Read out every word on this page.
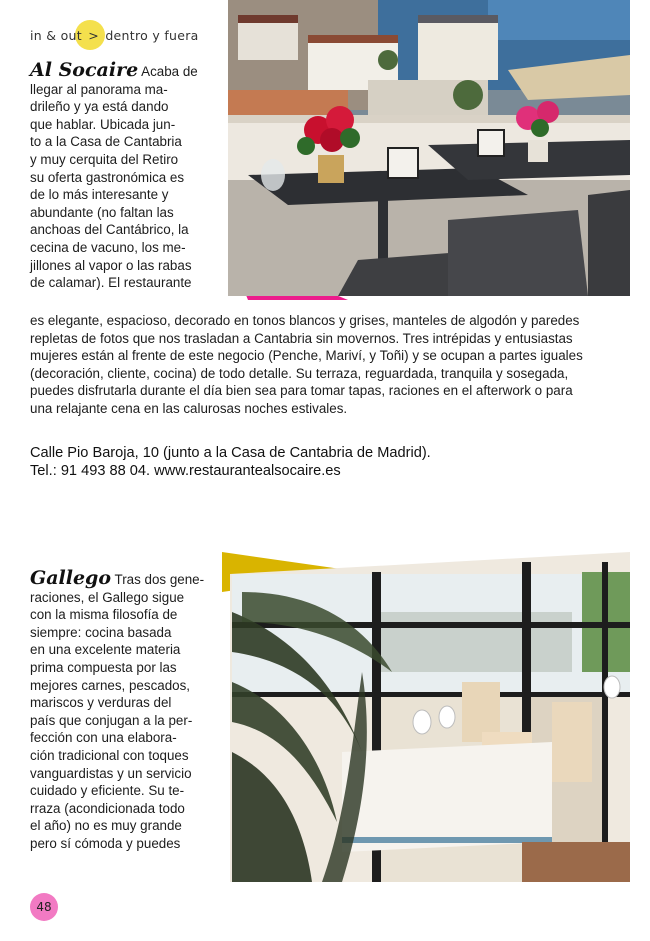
in & out > dentro y fuera
Al Socaire Acaba de
llegar al panorama ma-
drileño y ya está dando
que hablar. Ubicada jun-
to a la Casa de Cantabria
y muy cerquita del Retiro
su oferta gastronómica es
de lo más interesante y
abundante (no faltan las
anchoas del Cantábrico, la
cecina de vacuno, los me-
jillones al vapor o las rabas
de calamar). El restaurante
es elegante, espacioso, decorado en tonos blancos y grises, manteles de algodón y paredes
repletas de fotos que nos trasladan a Cantabria sin movernos. Tres intrépidas y entusiastas
mujeres están al frente de este negocio (Penche, Mariví, y Toñi) y se ocupan a partes iguales
(decoración, cliente, cocina) de todo detalle. Su terraza, reguardada, tranquila y sosegada,
puedes disfrutarla durante el día bien sea para tomar tapas, raciones en el afterwork o para
una relajante cena en las calurosas noches estivales.
Calle Pio Baroja, 10 (junto a la Casa de Cantabria de Madrid).
Tel.: 91 493 88 04. www.restaurantealsocaire.es
Gallego Tras dos gene-
raciones, el Gallego sigue
con la misma filosofía de
siempre: cocina basada
en una excelente materia
prima compuesta por las
mejores carnes, pescados,
mariscos y verduras del
país que conjugan a la per-
fección con una elabora-
ción tradicional con toques
vanguardistas y un servicio
cuidado y eficiente. Su te-
rraza (acondicionada todo
el año) no es muy grande
pero sí cómoda y puedes
48
